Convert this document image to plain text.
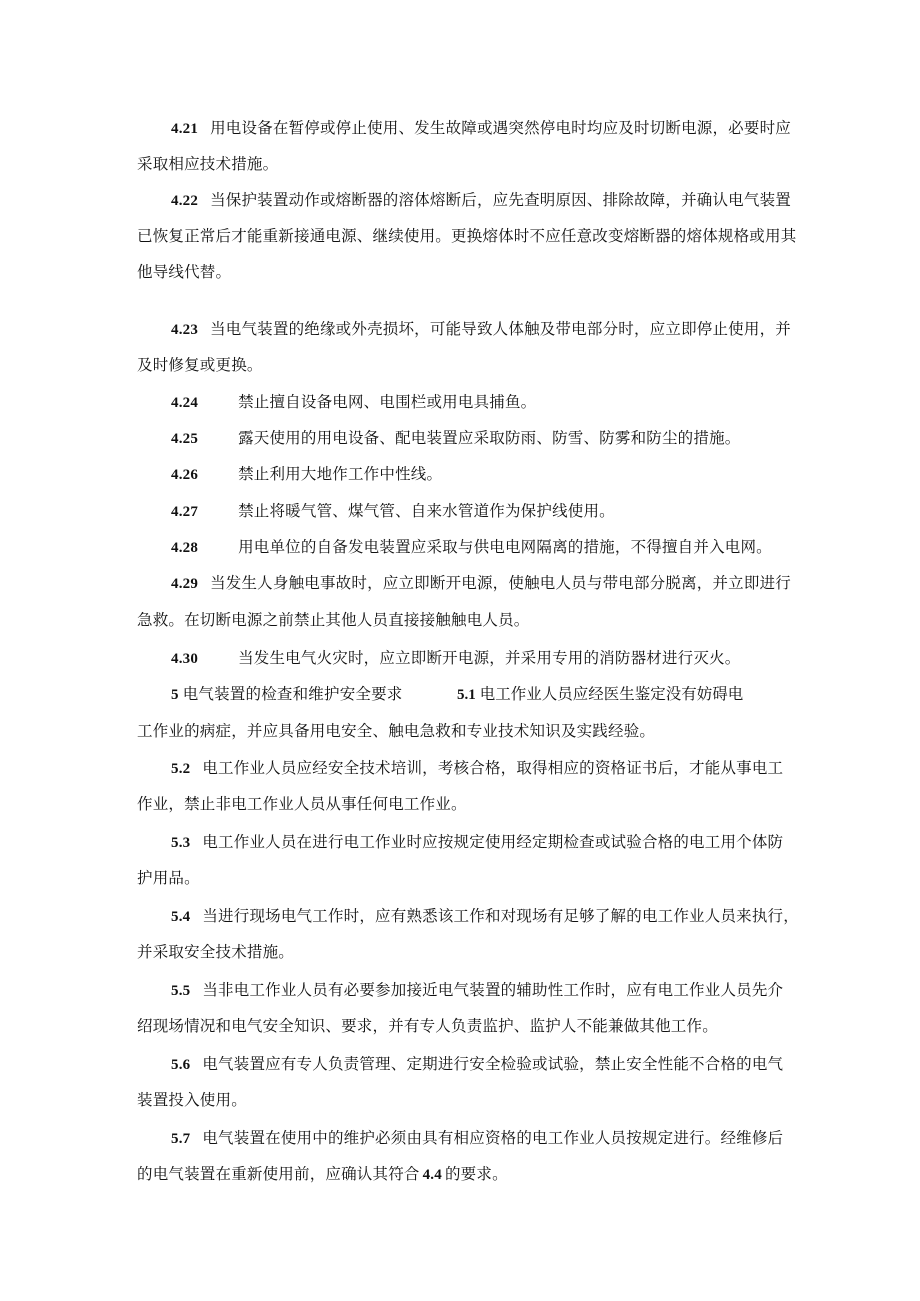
4.21 用电设备在暂停或停止使用、发生故障或遇突然停电时均应及时切断电源，必要时应
采取相应技术措施。
4.22 当保护装置动作或熔断器的溶体熔断后，应先查明原因、排除故障，并确认电气装置
已恢复正常后才能重新接通电源、继续使用。更换熔体时不应任意改变熔断器的熔体规格或用其
他导线代替。
4.23 当电气装置的绝缘或外壳损坏，可能导致人体触及带电部分时，应立即停止使用，并
及时修复或更换。
4.24	禁止擅自设备电网、电围栏或用电具捕鱼。
4.25	露天使用的用电设备、配电装置应采取防雨、防雪、防雾和防尘的措施。
4.26	禁止利用大地作工作中性线。
4.27	禁止将暖气管、煤气管、自来水管道作为保护线使用。
4.28	用电单位的自备发电装置应采取与供电电网隔离的措施，不得擅自并入电网。
4.29 当发生人身触电事故时，应立即断开电源，使触电人员与带电部分脱离，并立即进行
急救。在切断电源之前禁止其他人员直接接触触电人员。
4.30	当发生电气火灾时，应立即断开电源，并采用专用的消防器材进行灭火。
5 电气装置的检查和维护安全要求	5.1 电工作业人员应经医生鉴定没有妨碍电
工作业的病症，并应具备用电安全、触电急救和专业技术知识及实践经验。
5.2 电工作业人员应经安全技术培训，考核合格，取得相应的资格证书后，才能从事电工
作业，禁止非电工作业人员从事任何电工作业。
5.3 电工作业人员在进行电工作业时应按规定使用经定期检查或试验合格的电工用个体防
护用品。
5.4 当进行现场电气工作时，应有熟悉该工作和对现场有足够了解的电工作业人员来执行，
并采取安全技术措施。
5.5 当非电工作业人员有必要参加接近电气装置的辅助性工作时，应有电工作业人员先介
绍现场情况和电气安全知识、要求，并有专人负责监护、监护人不能兼做其他工作。
5.6 电气装置应有专人负责管理、定期进行安全检验或试验，禁止安全性能不合格的电气
装置投入使用。
5.7 电气装置在使用中的维护必须由具有相应资格的电工作业人员按规定进行。经维修后
的电气装置在重新使用前，应确认其符合 4.4 的要求。
